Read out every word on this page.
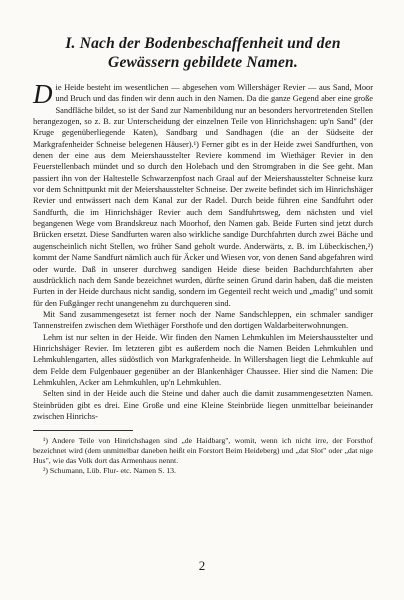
I. Nach der Bodenbeschaffenheit und den Gewässern gebildete Namen.

Die Heide besteht im wesentlichen — abgesehen vom Willershäger Revier — aus Sand, Moor und Bruch und das finden wir denn auch in den Namen. Da die ganze Gegend aber eine große Sandfläche bildet, so ist der Sand zur Namenbildung nur an besonders hervortretenden Stellen herangezogen, so z. B. zur Unterscheidung der einzelnen Teile von Hinrichshagen: up'n Sand" (der Kruge gegenüberliegende Katen), Sandbarg und Sandhagen (die an der Südseite der Markgrafenheider Schneise belegenen Häuser).¹) Ferner gibt es in der Heide zwei Sandfurthen, von denen der eine aus dem Meiershausstelter Reviere kommend im Wiethäger Revier in den Feuerstellenbach mündet und so durch den Holebach und den Stromgraben in die See geht. Man passiert ihn von der Haltestelle Schwarzenpfost nach Graal auf der Meiershausstelter Schneise kurz vor dem Schnittpunkt mit der Meiershausstelter Schneise. Der zweite befindet sich im Hinrichshäger Revier und entwässert nach dem Kanal zur der Radel. Durch beide führen eine Sandfuhrt oder Sandfurth, die im Hinrichshäger Revier auch dem Sandfuhrtsweg, dem nächsten und viel begangenen Wege vom Brandskreuz nach Moorhof, den Namen gab. Beide Furten sind jetzt durch Brücken ersetzt. Diese Sandfurten waren also wirkliche sandige Durchfahrten durch zwei Bäche und augenscheinlich nicht Stellen, wo früher Sand geholt wurde. Anderwärts, z. B. im Lübeckischen,²) kommt der Name Sandfurt nämlich auch für Äcker und Wiesen vor, von denen Sand abgefahren wird oder wurde. Daß in unserer durchweg sandigen Heide diese beiden Bachdurchfahrten aber ausdrücklich nach dem Sande bezeichnet wurden, dürfte seinen Grund darin haben, daß die meisten Furten in der Heide durchaus nicht sandig, sondern im Gegenteil recht weich und „madig" und somit für den Fußgänger recht unangenehm zu durchqueren sind.

Mit Sand zusammengesetzt ist ferner noch der Name Sandschleppen, ein schmaler sandiger Tannenstreifen zwischen dem Wiethäger Forsthofe und den dortigen Waldarbeiterwohnungen.

Lehm ist nur selten in der Heide. Wir finden den Namen Lehmkuhlen im Meiershausstelter und Hinrichshäger Revier. Im letzteren gibt es außerdem noch die Namen Beiden Lehmkuhlen und Lehmkuhlengarten, alles südöstlich von Markgrafenheide. In Willershagen liegt die Lehmkuhle auf dem Felde dem Fulgenbauer gegenüber an der Blankenhäger Chaussee. Hier sind die Namen: Die Lehmkuhlen, Acker am Lehmkuhlen, up'n Lehmkuhlen.

Selten sind in der Heide auch die Steine und daher auch die damit zusammengesetzten Namen. Steinbrüden gibt es drei. Eine Große und eine Kleine Steinbrüde liegen unmittelbar beieinander zwischen Hinrichs-

¹) Andere Teile von Hinrichshagen sind „de Haidbarg", womit, wenn ich nicht irre, der Forsthof bezeichnet wird (dem unmittelbar daneben heißt ein Forstort Beim Heideberg) und „dat Slot" oder „dat nige Hus", wie das Volk dort das Armenhaus nennt.

²) Schumann, Lüb. Flur- etc. Namen S. 13.

2
